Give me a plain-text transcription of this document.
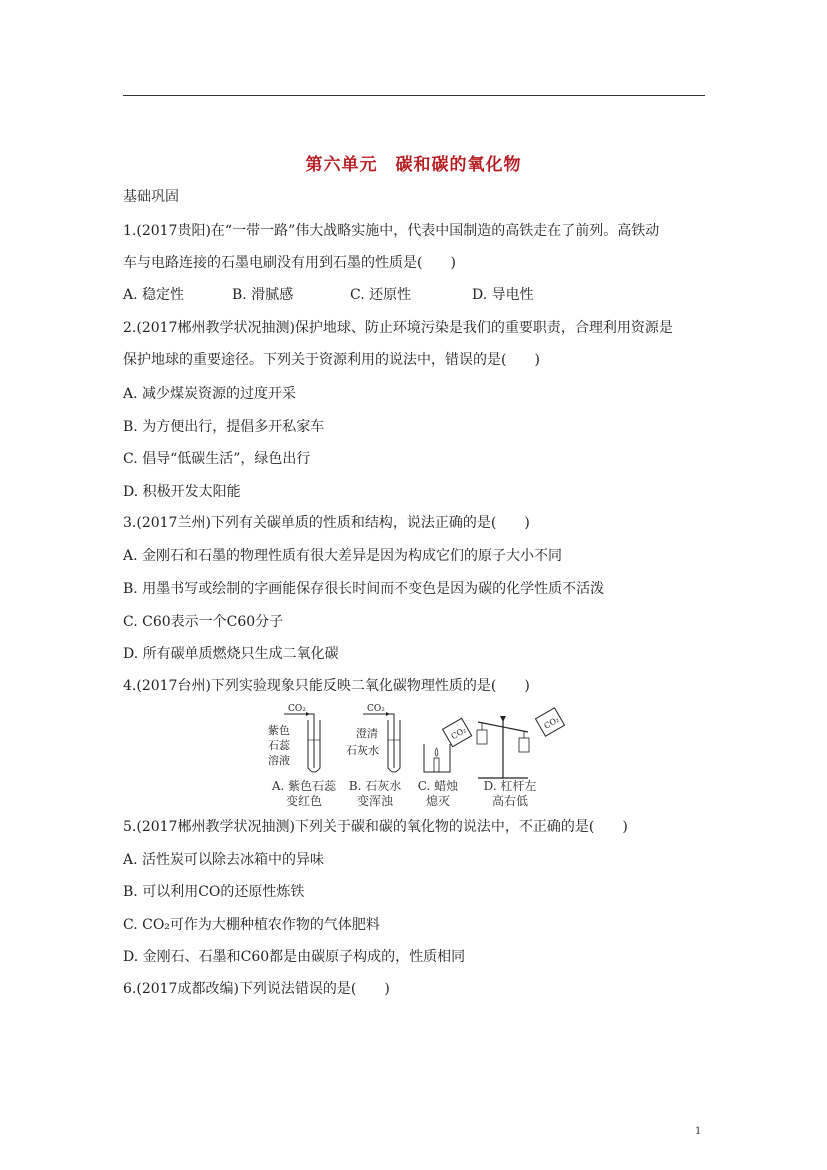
第六单元　碳和碳的氧化物
基础巩固
1.(2017贵阳)在“一带一路”伟大战略实施中，代表中国制造的高铁走在了前列。高铁动
车与电路连接的石墨电刷没有用到石墨的性质是(　　)
A. 稳定性	B. 滑腻感	C. 还原性	D. 导电性
2.(2017郴州教学状况抽测)保护地球、防止环境污染是我们的重要职责，合理利用资源是
保护地球的重要途径。下列关于资源利用的说法中，错误的是(　　)
A. 减少煤炭资源的过度开采
B. 为方便出行，提倡多开私家车
C. 倡导“低碳生活”，绿色出行
D. 积极开发太阳能
3.(2017兰州)下列有关碳单质的性质和结构，说法正确的是(　　)
A. 金刚石和石墨的物理性质有很大差异是因为构成它们的原子大小不同
B. 用墨书写或绘制的字画能保存很长时间而不变色是因为碳的化学性质不活泼
C. C60表示一个C60分子
D. 所有碳单质燃烧只生成二氧化碳
4.(2017台州)下列实验现象只能反映二氧化碳物理性质的是(　　)
CO₂
紫色
石蕊
溶液
CO₂
澄清
石灰水
CO₂
CO₂
A. 紫色石蕊
变红色
B. 石灰水
变浑浊
C. 蜡烛
熄灭
D. 杠杆左
高右低
5.(2017郴州教学状况抽测)下列关于碳和碳的氧化物的说法中，不正确的是(　　)
A. 活性炭可以除去冰箱中的异味
B. 可以利用CO的还原性炼铁
C. CO₂可作为大棚种植农作物的气体肥料
D. 金刚石、石墨和C60都是由碳原子构成的，性质相同
6.(2017成都改编)下列说法错误的是(　　)
1
